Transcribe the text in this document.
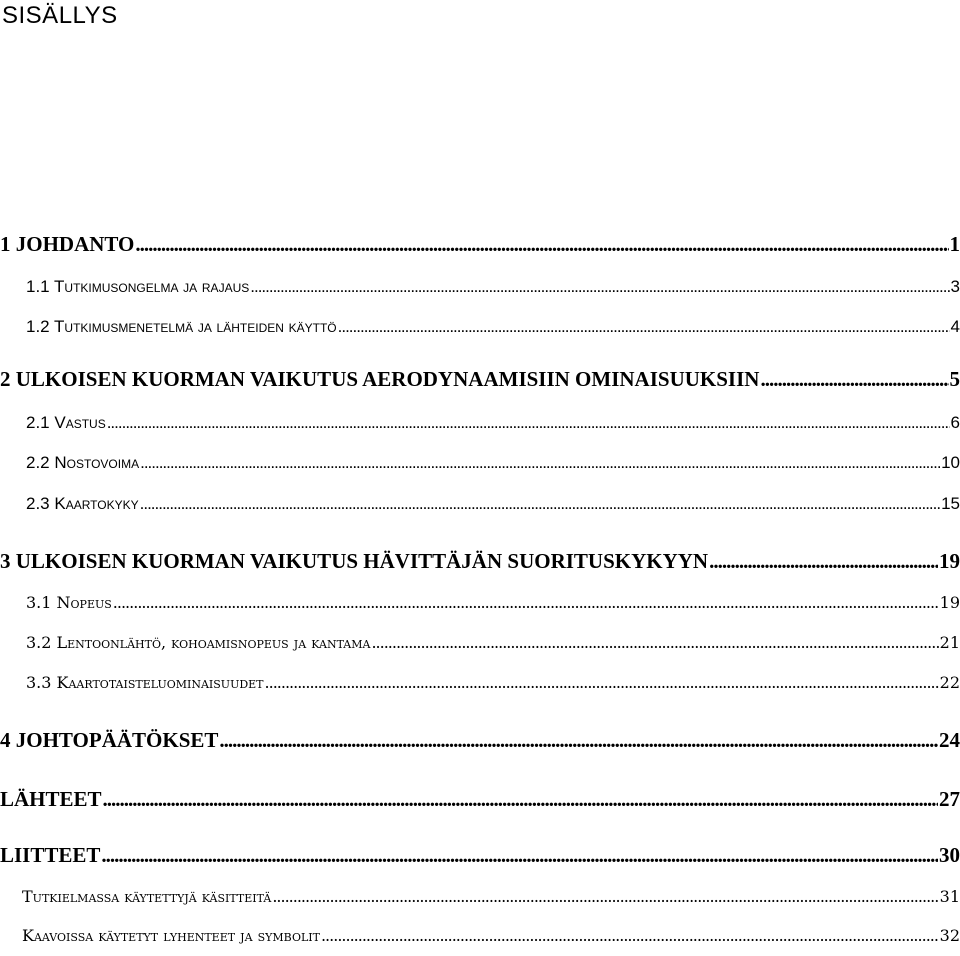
SISÄLLYS
1 JOHDANTO .....	1
1.1 Tutkimusongelma ja rajaus .....	3
1.2 Tutkimusmenetelmä ja lähteiden käyttö .....	4
2 ULKOISEN KUORMAN VAIKUTUS AERODYNAAMISIIN OMINAISUUKSIIN .....	5
2.1 Vastus .....	6
2.2 Nostovoima .....	10
2.3 Kaartokyky .....	15
3 ULKOISEN KUORMAN VAIKUTUS HÄVITTÄJÄN SUORITUSKYKYYN .....	19
3.1 Nopeus .....	19
3.2 Lentoonlähtö, kohoamisnopeus ja kantama .....	21
3.3 Kaartotaisteluominaisuudet .....	22
4 JOHTOPÄÄTÖKSET .....	24
LÄHTEET .....	27
LIITTEET .....	30
Tutkielmassa käytettyjä käsitteitä .....	31
Kaavoissa käytetyt lyhenteet ja symbolit .....	32
